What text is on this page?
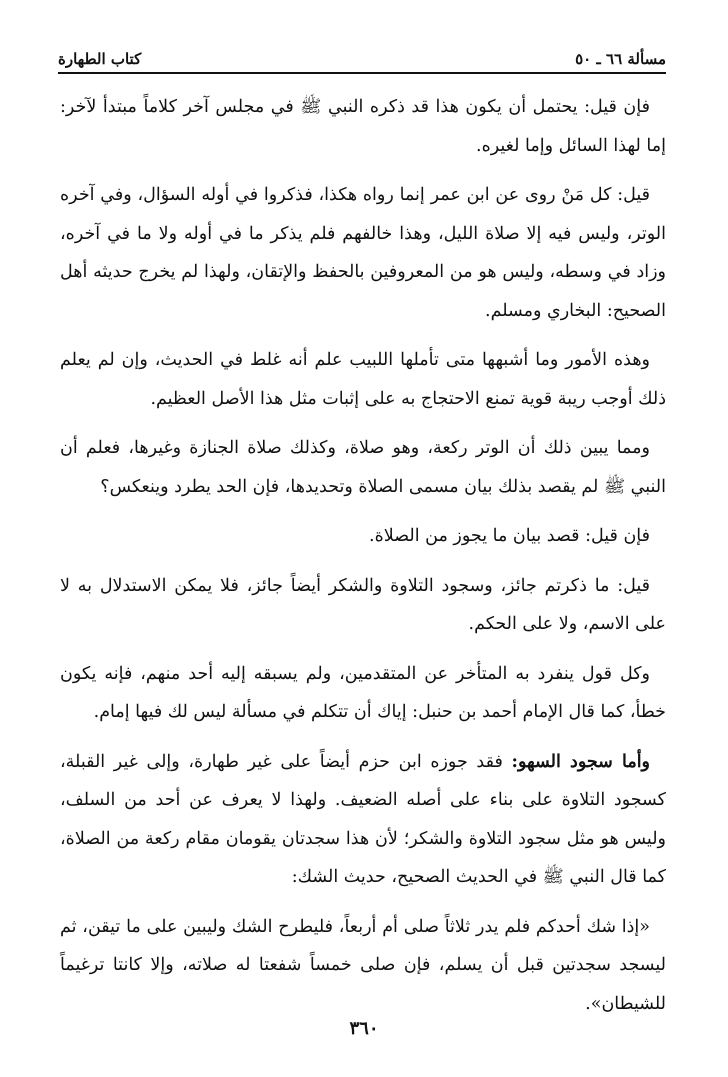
مسألة ٦٦ ـ ٥٠
كتاب الطهارة

فإن قيل: يحتمل أن يكون هذا قد ذكره النبي ﷺ في مجلس آخر كلاماً مبتدأ لآخر: إما لهذا السائل وإما لغيره.

قيل: كل مَنْ روى عن ابن عمر إنما رواه هكذا، فذكروا في أوله السؤال، وفي آخره الوتر، وليس فيه إلا صلاة الليل، وهذا خالفهم فلم يذكر ما في أوله ولا ما في آخره، وزاد في وسطه، وليس هو من المعروفين بالحفظ والإتقان، ولهذا لم يخرج حديثه أهل الصحيح: البخاري ومسلم.

وهذه الأمور وما أشبهها متى تأملها اللبيب علم أنه غلط في الحديث، وإن لم يعلم ذلك أوجب ريبة قوية تمنع الاحتجاج به على إثبات مثل هذا الأصل العظيم.

ومما يبين ذلك أن الوتر ركعة، وهو صلاة، وكذلك صلاة الجنازة وغيرها، فعلم أن النبي ﷺ لم يقصد بذلك بيان مسمى الصلاة وتحديدها، فإن الحد يطرد وينعكس؟

فإن قيل: قصد بيان ما يجوز من الصلاة.

قيل: ما ذكرتم جائز، وسجود التلاوة والشكر أيضاً جائز، فلا يمكن الاستدلال به لا على الاسم، ولا على الحكم.

وكل قول ينفرد به المتأخر عن المتقدمين، ولم يسبقه إليه أحد منهم، فإنه يكون خطأ، كما قال الإمام أحمد بن حنبل: إياك أن تتكلم في مسألة ليس لك فيها إمام.

وأما سجود السهو: فقد جوزه ابن حزم أيضاً على غير طهارة، وإلى غير القبلة، كسجود التلاوة على بناء على أصله الضعيف. ولهذا لا يعرف عن أحد من السلف، وليس هو مثل سجود التلاوة والشكر؛ لأن هذا سجدتان يقومان مقام ركعة من الصلاة، كما قال النبي ﷺ في الحديث الصحيح، حديث الشك:

«إذا شك أحدكم فلم يدر ثلاثاً صلى أم أربعاً، فليطرح الشك وليبين على ما تيقن، ثم ليسجد سجدتين قبل أن يسلم، فإن صلى خمساً شفعتا له صلاته، وإلا كانتا ترغيماً للشيطان».

٣٦٠
